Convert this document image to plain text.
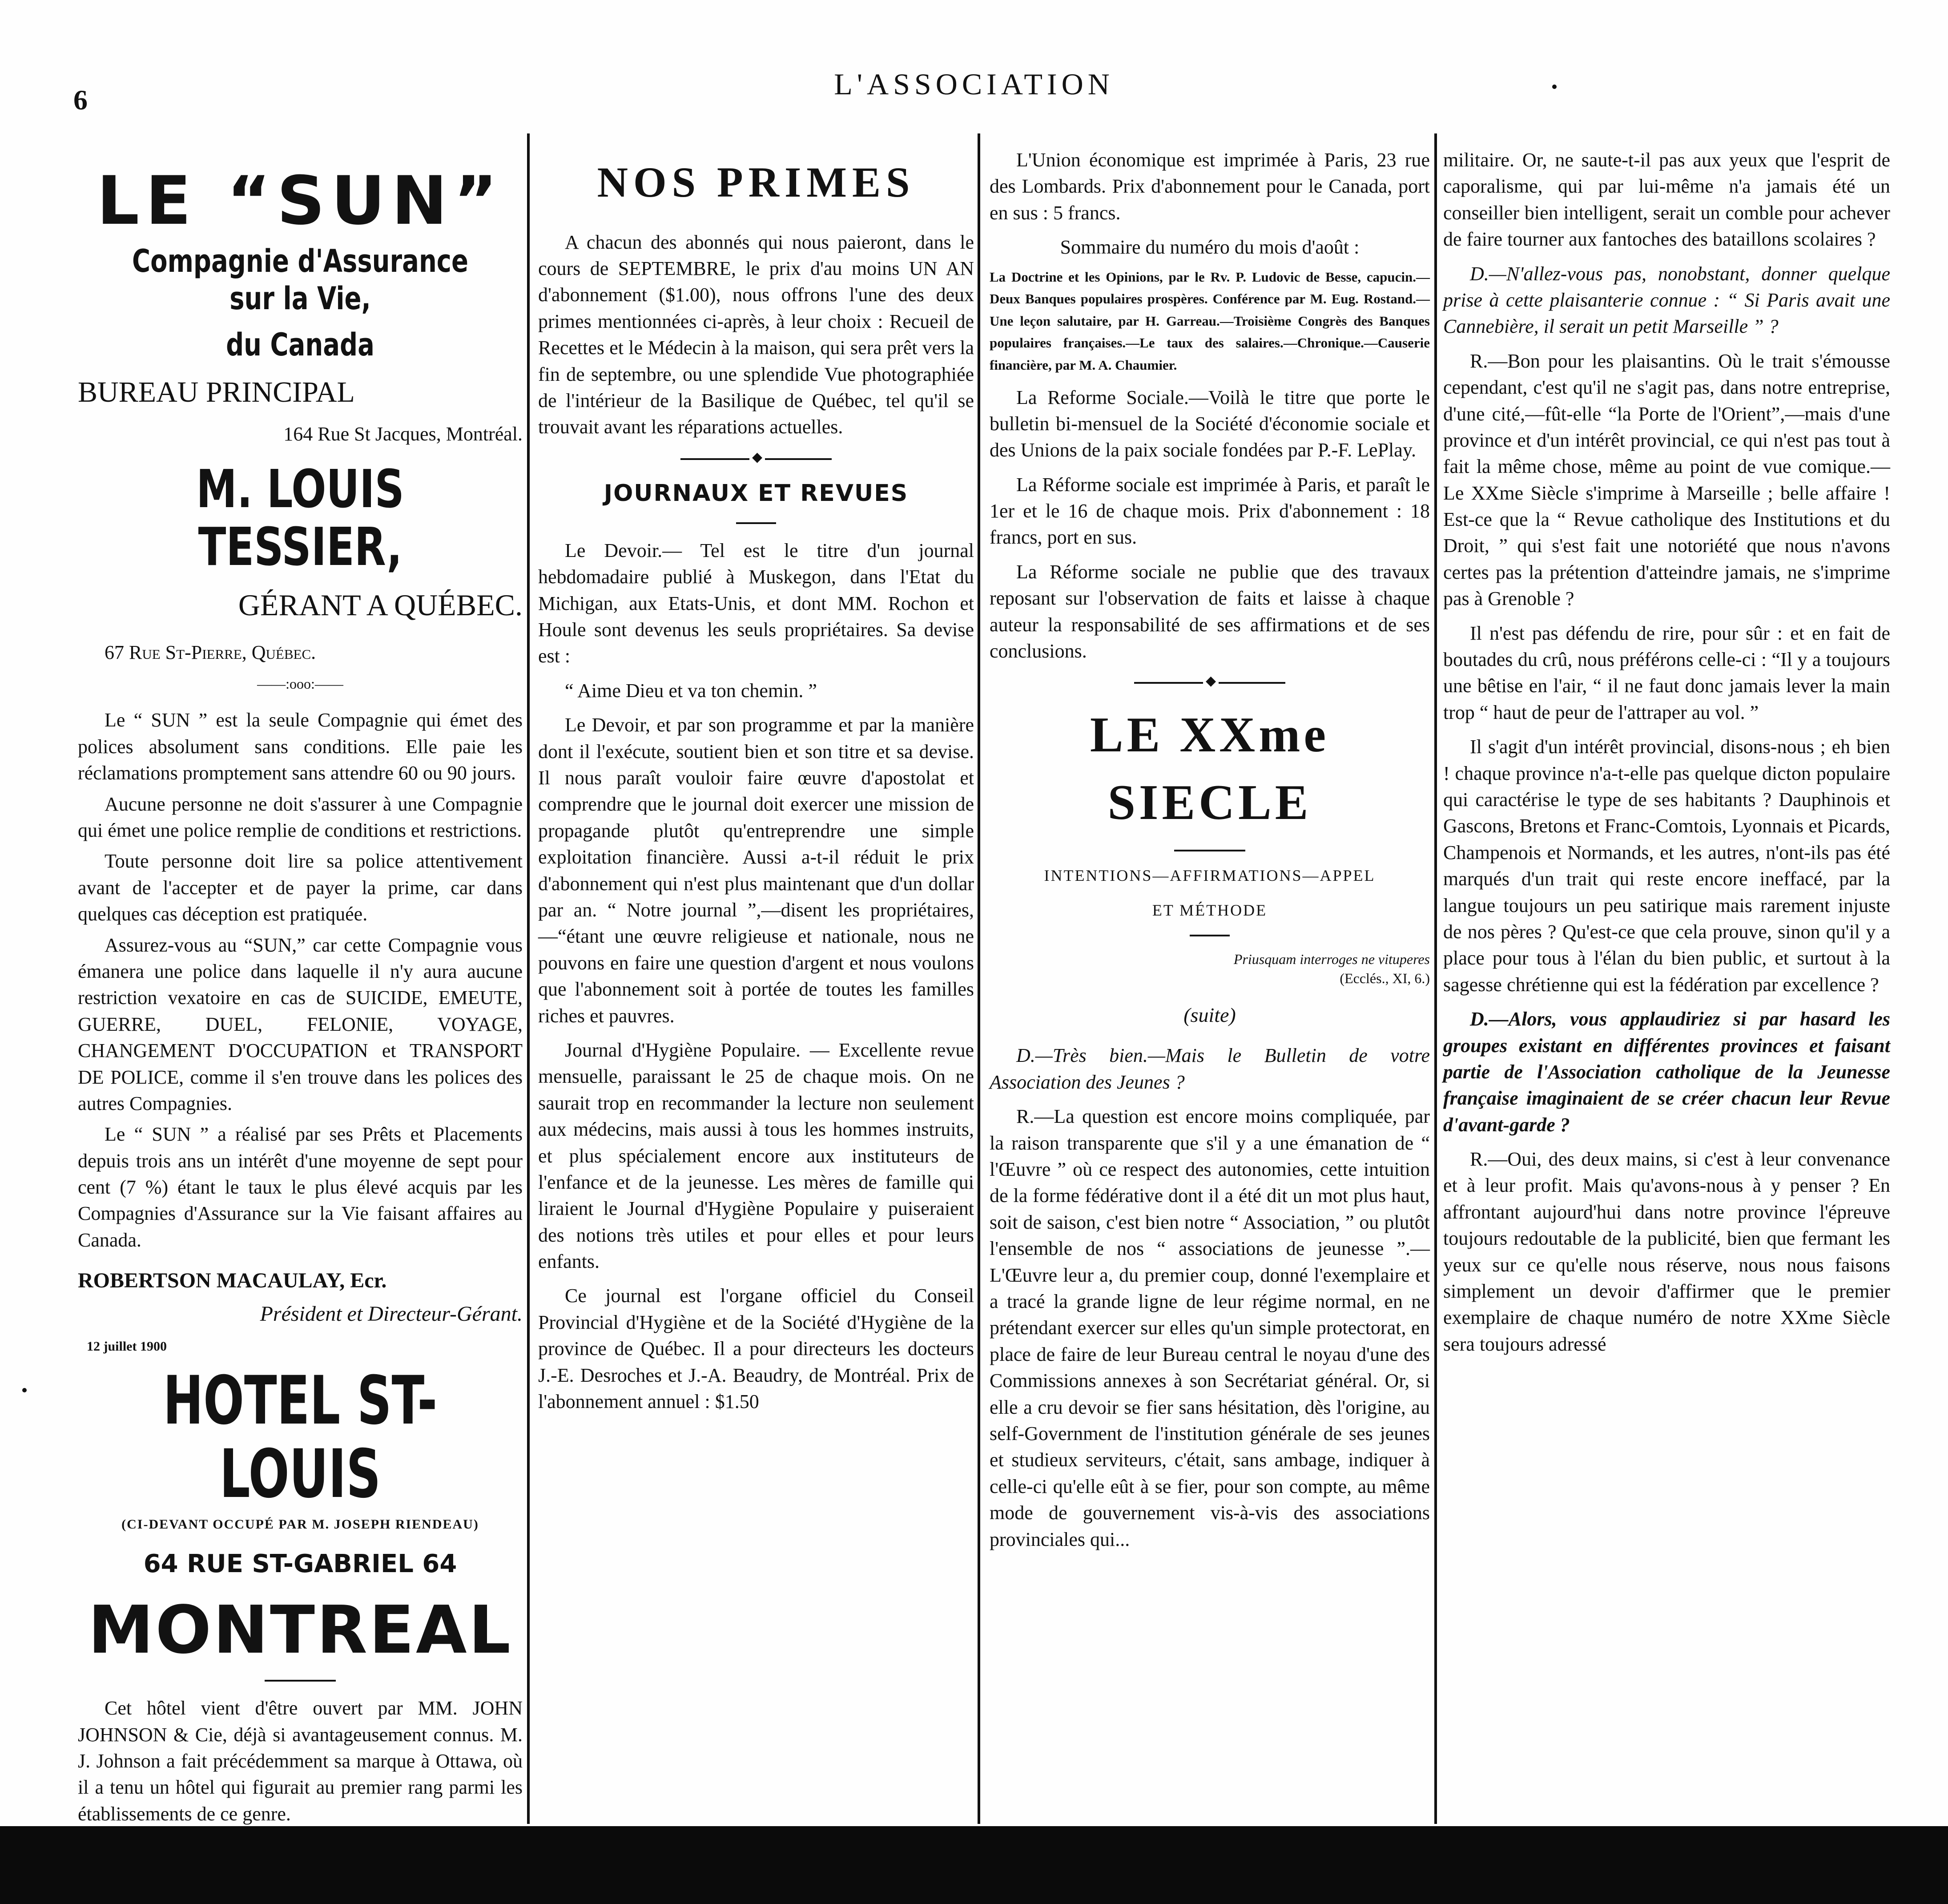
6	L'ASSOCIATION
LE “SUN”
Compagnie d'Assurance sur la Vie,
du Canada
BUREAU PRINCIPAL
164 Rue St Jacques, Montréal.
M. LOUIS TESSIER,
GÉRANT A QUÉBEC.
67 Rue St-Pierre, Québec.
——:ooo:——

Le “ SUN ” est la seule Compagnie qui émet des polices absolument sans conditions. Elle paie les réclamations promptement sans attendre 60 ou 90 jours.

Aucune personne ne doit s'assurer à une Compagnie qui émet une police remplie de conditions et restrictions.

Toute personne doit lire sa police attentivement avant de l'accepter et de payer la prime, car dans quelques cas déception est pratiquée.

Assurez-vous au “SUN,” car cette Compagnie vous émanera une police dans laquelle il n'y aura aucune restriction vexatoire en cas de SUICIDE, EMEUTE, GUERRE, DUEL, FELONIE, VOYAGE, CHANGEMENT D'OCCUPATION et TRANSPORT DE POLICE, comme il s'en trouve dans les polices des autres Compagnies.

Le “ SUN ” a réalisé par ses Prêts et Placements depuis trois ans un intérêt d'une moyenne de sept pour cent (7 %) étant le taux le plus élevé acquis par les Compagnies d'Assurance sur la Vie faisant affaires au Canada.

ROBERTSON MACAULAY, Ecr.
Président et Directeur-Gérant.
12 juillet 1900
HOTEL ST-LOUIS
(CI-DEVANT OCCUPÉ PAR M. JOSEPH RIENDEAU)
64 RUE ST-GABRIEL 64
MONTREAL

Cet hôtel vient d'être ouvert par MM. JOHN JOHNSON & Cie, déjà si avantageusement connus. M. J. Johnson a fait précédemment sa marque à Ottawa, où il a tenu un hôtel qui figurait au premier rang parmi les établissements de ce genre.

NOS PRIMES

A chacun des abonnés qui nous paieront, dans le cours de SEPTEMBRE, le prix d'au moins UN AN d'abonnement ($1.00), nous offrons l'une des deux primes mentionnées ci-après, à leur choix : Recueil de Recettes et le Médecin à la maison, qui sera prêt vers la fin de septembre, ou une splendide Vue photographiée de l'intérieur de la Basilique de Québec, tel qu'il se trouvait avant les réparations actuelles.

◆
JOURNAUX ET REVUES

Le Devoir.— Tel est le titre d'un journal hebdomadaire publié à Muskegon, dans l'Etat du Michigan, aux Etats-Unis, et dont MM. Rochon et Houle sont devenus les seuls propriétaires. Sa devise est :

“ Aime Dieu et va ton chemin. ”

Le Devoir, et par son programme et par la manière dont il l'exécute, soutient bien et son titre et sa devise. Il nous paraît vouloir faire œuvre d'apostolat et comprendre que le journal doit exercer une mission de propagande plutôt qu'entreprendre une simple exploitation financière. Aussi a-t-il réduit le prix d'abonnement qui n'est plus maintenant que d'un dollar par an. “ Notre journal ”,—disent les propriétaires,—“étant une œuvre religieuse et nationale, nous ne pouvons en faire une question d'argent et nous voulons que l'abonnement soit à portée de toutes les familles riches et pauvres.

Journal d'Hygiène Populaire. — Excellente revue mensuelle, paraissant le 25 de chaque mois. On ne saurait trop en recommander la lecture non seulement aux médecins, mais aussi à tous les hommes instruits, et plus spécialement encore aux instituteurs de l'enfance et de la jeunesse. Les mères de famille qui liraient le Journal d'Hygiène Populaire y puiseraient des notions très utiles et pour elles et pour leurs enfants.

Ce journal est l'organe officiel du Conseil Provincial d'Hygiène et de la Société d'Hygiène de la province de Québec. Il a pour directeurs les docteurs J.-E. Desroches et J.-A. Beaudry, de Montréal. Prix de l'abonnement annuel : $1.50

L'Union économique est imprimée à Paris, 23 rue des Lombards. Prix d'abonnement pour le Canada, port en sus : 5 francs.

Sommaire du numéro du mois d'août :

La Doctrine et les Opinions, par le Rv. P. Ludovic de Besse, capucin.—Deux Banques populaires prospères. Conférence par M. Eug. Rostand.—Une leçon salutaire, par H. Garreau.—Troisième Congrès des Banques populaires françaises.—Le taux des salaires.—Chronique.—Causerie financière, par M. A. Chaumier.

La Reforme Sociale.—Voilà le titre que porte le bulletin bi-mensuel de la Société d'économie sociale et des Unions de la paix sociale fondées par P.-F. LePlay.

La Réforme sociale est imprimée à Paris, et paraît le 1er et le 16 de chaque mois. Prix d'abonnement : 18 francs, port en sus.

La Réforme sociale ne publie que des travaux reposant sur l'observation de faits et laisse à chaque auteur la responsabilité de ses affirmations et de ses conclusions.

◆
LE XXme SIECLE
INTENTIONS—AFFIRMATIONS—APPEL
ET MÉTHODE
Priusquam interroges ne vituperes
(Ecclés., XI, 6.)
(suite)

D.—Très bien.—Mais le Bulletin de votre Association des Jeunes ?

R.—La question est encore moins compliquée, par la raison transparente que s'il y a une émanation de “ l'Œuvre ” où ce respect des autonomies, cette intuition de la forme fédérative dont il a été dit un mot plus haut, soit de saison, c'est bien notre “ Association, ” ou plutôt l'ensemble de nos “ associations de jeunesse ”.—L'Œuvre leur a, du premier coup, donné l'exemplaire et a tracé la grande ligne de leur régime normal, en ne prétendant exercer sur elles qu'un simple protectorat, en place de faire de leur Bureau central le noyau d'une des Commissions annexes à son Secrétariat général. Or, si elle a cru devoir se fier sans hésitation, dès l'origine, au self-Government de l'institution générale de ses jeunes et studieux serviteurs, c'était, sans ambage, indiquer à celle-ci qu'elle eût à se fier, pour son compte, au même mode de gouvernement vis-à-vis des associations provinciales qui...

militaire. Or, ne saute-t-il pas aux yeux que l'esprit de caporalisme, qui par lui-même n'a jamais été un conseiller bien intelligent, serait un comble pour achever de faire tourner aux fantoches des bataillons scolaires ?

D.—N'allez-vous pas, nonobstant, donner quelque prise à cette plaisanterie connue : “ Si Paris avait une Cannebière, il serait un petit Marseille ” ?

R.—Bon pour les plaisantins. Où le trait s'émousse cependant, c'est qu'il ne s'agit pas, dans notre entreprise, d'une cité,—fût-elle “la Porte de l'Orient”,—mais d'une province et d'un intérêt provincial, ce qui n'est pas tout à fait la même chose, même au point de vue comique.—Le XXme Siècle s'imprime à Marseille ; belle affaire ! Est-ce que la “ Revue catholique des Institutions et du Droit, ” qui s'est fait une notoriété que nous n'avons certes pas la prétention d'atteindre jamais, ne s'imprime pas à Grenoble ?

Il n'est pas défendu de rire, pour sûr : et en fait de boutades du crû, nous préférons celle-ci : “Il y a toujours une bêtise en l'air, “ il ne faut donc jamais lever la main trop “ haut de peur de l'attraper au vol. ”

Il s'agit d'un intérêt provincial, disons-nous ; eh bien ! chaque province n'a-t-elle pas quelque dicton populaire qui caractérise le type de ses habitants ? Dauphinois et Gascons, Bretons et Franc-Comtois, Lyonnais et Picards, Champenois et Normands, et les autres, n'ont-ils pas été marqués d'un trait qui reste encore ineffacé, par la langue toujours un peu satirique mais rarement injuste de nos pères ? Qu'est-ce que cela prouve, sinon qu'il y a place pour tous à l'élan du bien public, et surtout à la sagesse chrétienne qui est la fédération par excellence ?

D.—Alors, vous applaudiriez si par hasard les groupes existant en différentes provinces et faisant partie de l'Association catholique de la Jeunesse française imaginaient de se créer chacun leur Revue d'avant-garde ?

R.—Oui, des deux mains, si c'est à leur convenance et à leur profit. Mais qu'avons-nous à y penser ? En affrontant aujourd'hui dans notre province l'épreuve toujours redoutable de la publicité, bien que fermant les yeux sur ce qu'elle nous réserve, nous nous faisons simplement un devoir d'affirmer que le premier exemplaire de chaque numéro de notre XXme Siècle sera toujours adressé
